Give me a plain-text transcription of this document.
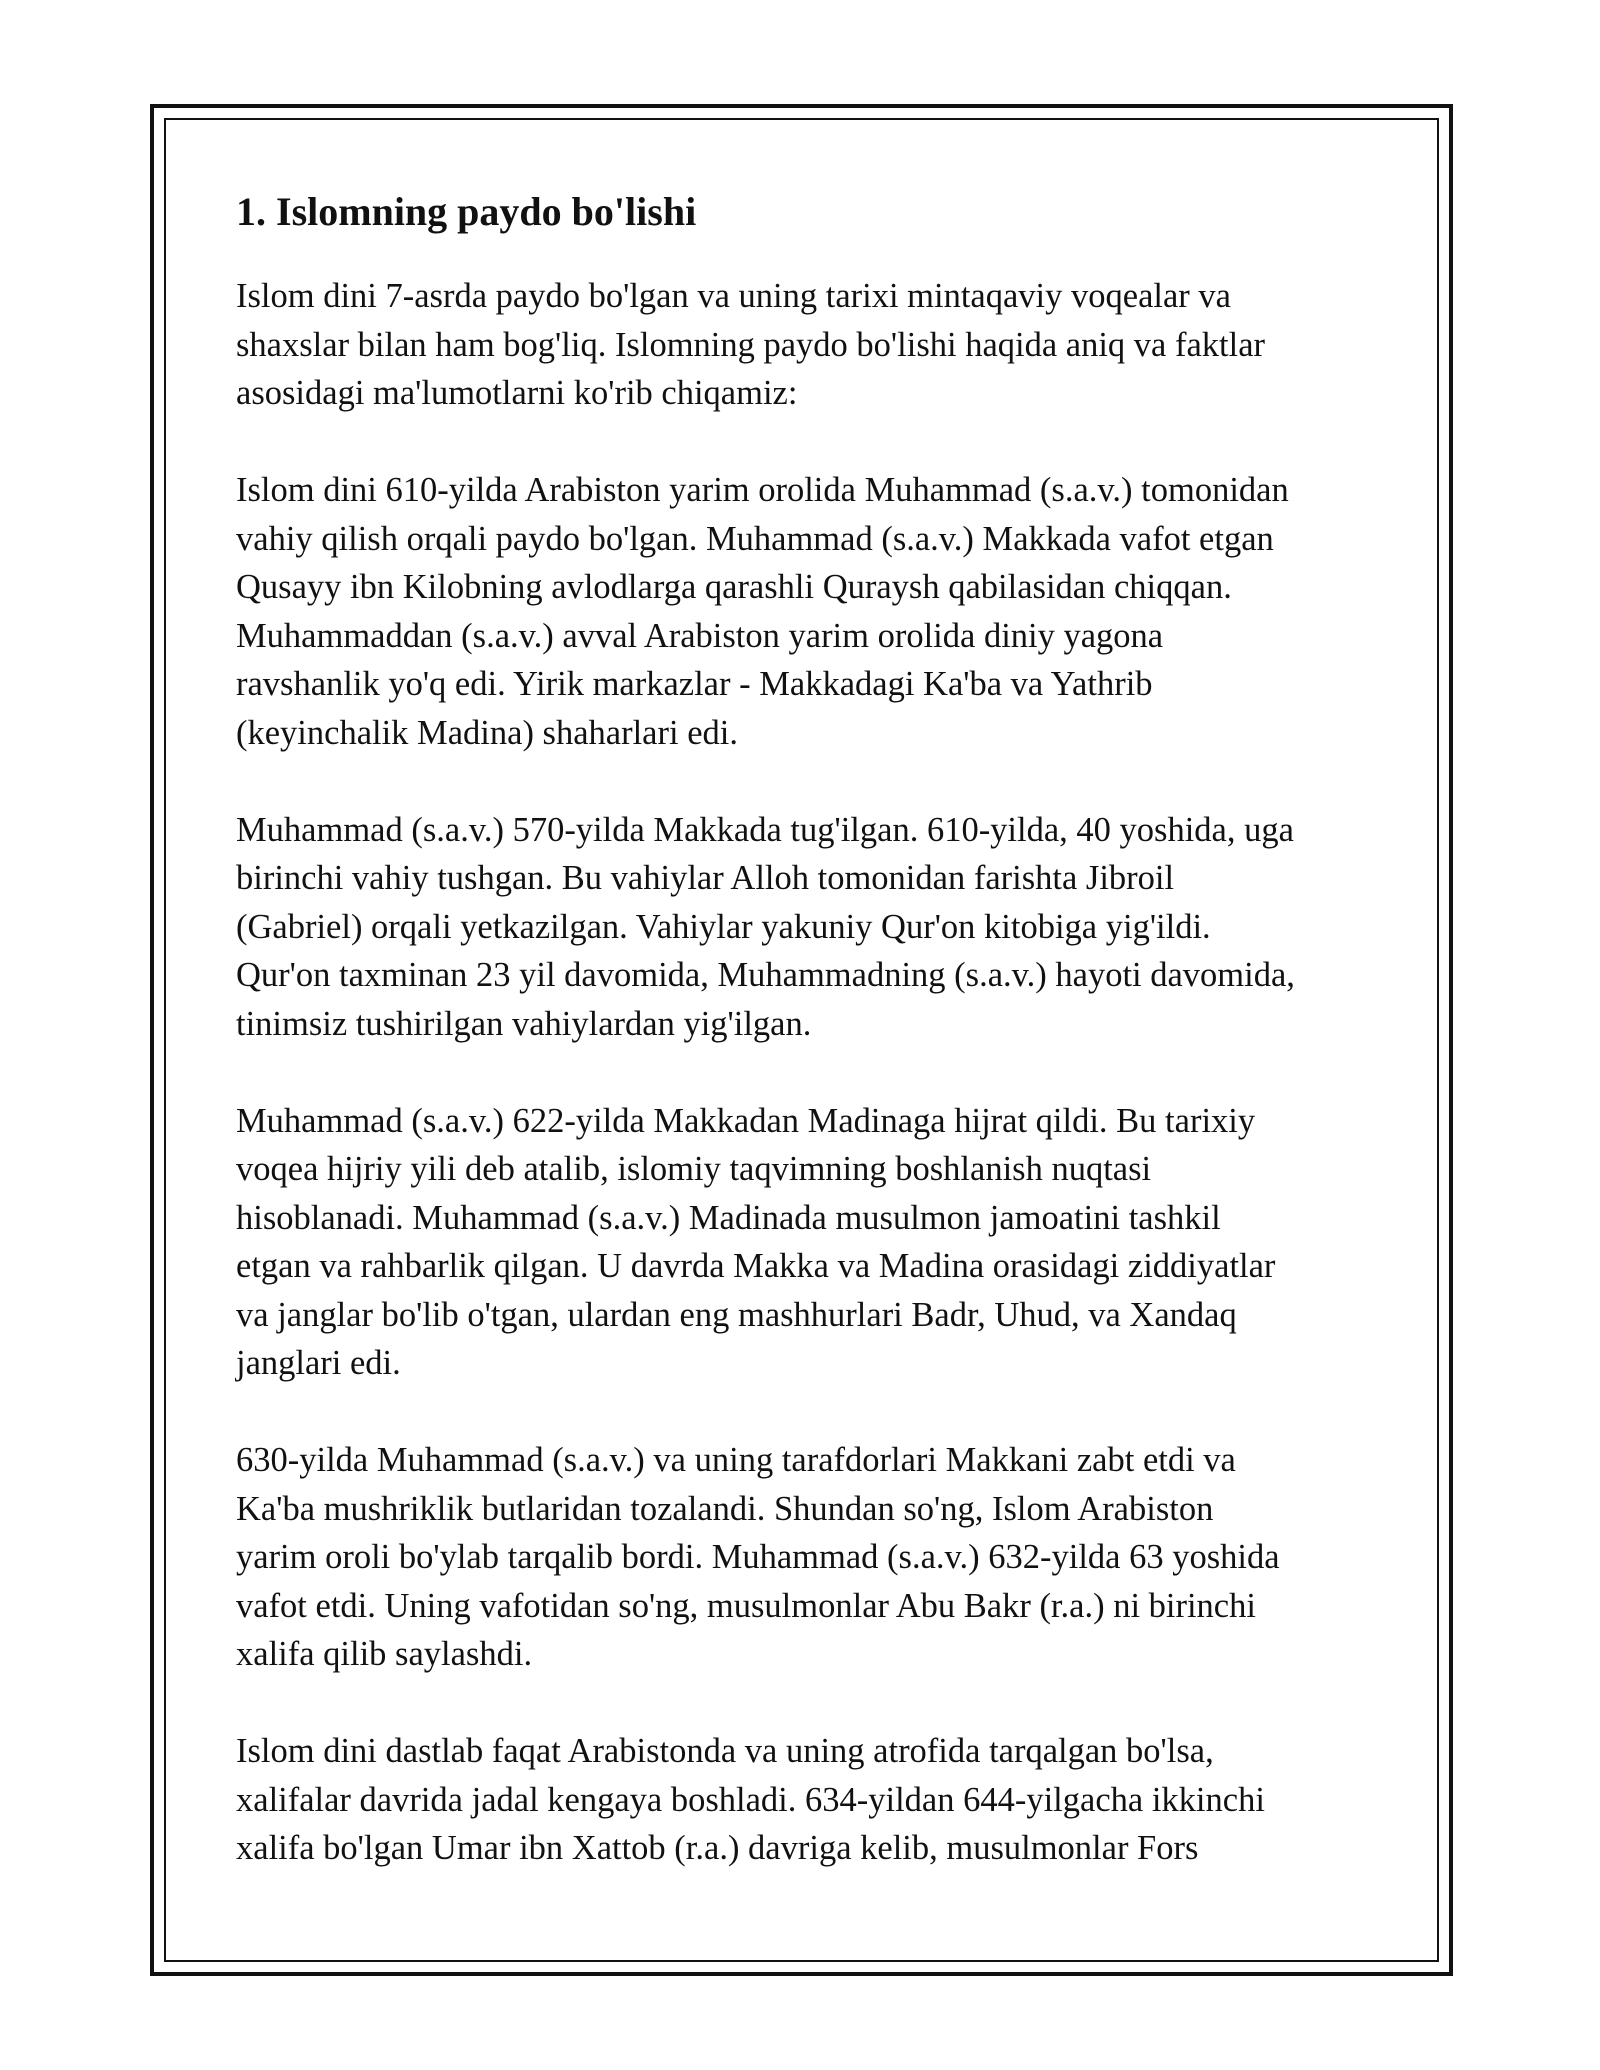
1. Islomning paydo bo'lishi

Islom dini 7-asrda paydo bo'lgan va uning tarixi mintaqaviy voqealar va
shaxslar bilan ham bog'liq. Islomning paydo bo'lishi haqida aniq va faktlar
asosidagi ma'lumotlarni ko'rib chiqamiz:

Islom dini 610-yilda Arabiston yarim orolida Muhammad (s.a.v.) tomonidan
vahiy qilish orqali paydo bo'lgan. Muhammad (s.a.v.) Makkada vafot etgan
Qusayy ibn Kilobning avlodlarga qarashli Quraysh qabilasidan chiqqan.
Muhammaddan (s.a.v.) avval Arabiston yarim orolida diniy yagona
ravshanlik yo'q edi. Yirik markazlar - Makkadagi Ka'ba va Yathrib
(keyinchalik Madina) shaharlari edi.

Muhammad (s.a.v.) 570-yilda Makkada tug'ilgan. 610-yilda, 40 yoshida, uga
birinchi vahiy tushgan. Bu vahiylar Alloh tomonidan farishta Jibroil
(Gabriel) orqali yetkazilgan. Vahiylar yakuniy Qur'on kitobiga yig'ildi.
Qur'on taxminan 23 yil davomida, Muhammadning (s.a.v.) hayoti davomida,
tinimsiz tushirilgan vahiylardan yig'ilgan.

Muhammad (s.a.v.) 622-yilda Makkadan Madinaga hijrat qildi. Bu tarixiy
voqea hijriy yili deb atalib, islomiy taqvimning boshlanish nuqtasi
hisoblanadi. Muhammad (s.a.v.) Madinada musulmon jamoatini tashkil
etgan va rahbarlik qilgan. U davrda Makka va Madina orasidagi ziddiyatlar
va janglar bo'lib o'tgan, ulardan eng mashhurlari Badr, Uhud, va Xandaq
janglari edi.

630-yilda Muhammad (s.a.v.) va uning tarafdorlari Makkani zabt etdi va
Ka'ba mushriklik butlaridan tozalandi. Shundan so'ng, Islom Arabiston
yarim oroli bo'ylab tarqalib bordi. Muhammad (s.a.v.) 632-yilda 63 yoshida
vafot etdi. Uning vafotidan so'ng, musulmonlar Abu Bakr (r.a.) ni birinchi
xalifa qilib saylashdi.

Islom dini dastlab faqat Arabistonda va uning atrofida tarqalgan bo'lsa,
xalifalar davrida jadal kengaya boshladi. 634-yildan 644-yilgacha ikkinchi
xalifa bo'lgan Umar ibn Xattob (r.a.) davriga kelib, musulmonlar Fors
